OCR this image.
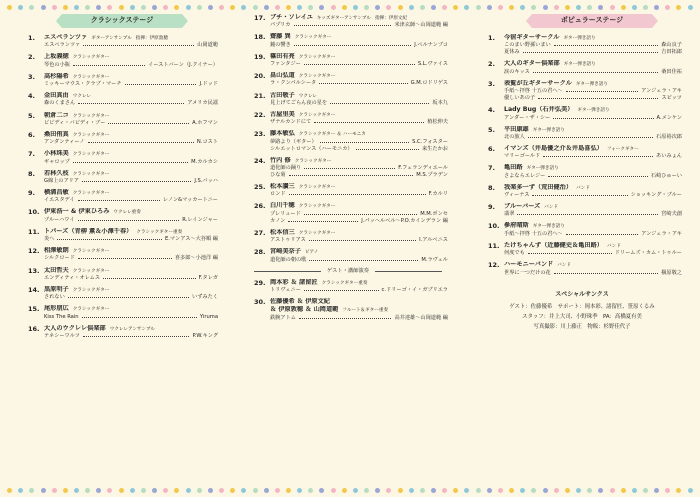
クラシックステージ
1.	エスペランツァ ギターアンサンブル 指揮：伊原敦穂
エスペランツァ	山岡道範
2.	上坂義徳 クラシックギター
琴色の小瓶	イーストバーン（J.クイナー）
3.	高杉陽希 クラシックギター
ミッキーマウス・クラブ・マーチ	J.ドッド
4.	金田真由 ウクレレ
森のくまさん	アメリカ民謡
5.	朝倉二コ クラシックギター
ビビディ・バビディ・ブー	A.ホフマン
6.	桑田侑真 クラシックギター
アンダンティーノ	N.コスト
7.	小林珠美 クラシックギター
ギャロップ	M.カルカシ
8.	若林久枝 クラシックギター
G線上のアリア	J.S.バッハ
9.	横溝昌敏 クラシックギター
イエスタデイ	レノン&マッカートニー
10. 伊東浩一 & 伊東ひろみ ウクレレ重奏
ブルーハワイ	R.レインジャー
11. トパーズ（青柳 薫＆小澤千春） クラシックギター重奏
炎へ	E.マンアス～大谷順 編
12. 相澤敏朗 クラシックギター
シルクロード	喜多郎～小池洋 編
13. 太田哲夫 クラシックギター
エンディティ・オレムス	F.タレガ
14. 黒原明子 クラシックギター
されない	いずみたく
15. 尾形朋広 クラシックギター
Kiss The Rain	Yiruma
16. 大人のウクレレ倶楽部 ウクレレアンサンブル
テネシーワルツ	P.W.キング
17. ブチ・ソレイユ キッズギターアンサンブル 指揮：伊原文紀
パプリカ	米津玄師～山岡道範 編
18. 齋藤 巽 クラシックギター
鐘の響き	J.ペルナンブコ
19. 篠田有亮 クラシックギター
ファンタジー	S.L.ヴァイス
20. 畠山弘道 クラシックギター
ラ・クンパルシータ	G.M.ロドリゲス
21. 古田敬子 ウクレレ
見上げてごらん夜の星を	坂本九
22. 古屋里美 クラシックギター
ザナルカンドにて	植松伸夫
23. 藤本敏弘 クラシックギター ＆ ハーモニカ
夢路より（ギター）	S.C.フォスター
シルエットロマンス（ハーモニカ）	来生たかお
24. 竹内 修 クラシックギター
道化師の踊り	F.フェランディエール
ひな菊	M.S.プラデン
25. 松本讃三 クラシックギター
ロンド	F.カルリ
26. 白川千穂 クラシックギター
プレリュード	M.M.ポンセ
カノン	J.パッヘルベル～P.O.カインデラン 編
27. 松本信三 クラシックギター
アストゥリアス	I.アルベニス
28. 宮崎美奈子 ピアノ
道化師の朝の歌	M.ラヴェル
ゲスト・講師演奏
29. 岡本彩 ＆ 諸留匠 クラシックギター重奏
トリヴェニー	c.ドリーゴ・イ・ガブリエラ
30. 佐藤優希 ＆ 伊原文紀
＆ 伊原敦穂 ＆ 山岡道範 フルート＆ギター重奏
鉄腕アトム	高井達雄～山岡道範 編
ポピュラーステージ
1.	今宿ギターサークル ギター弾き語り
このまい野孫いまい	森山良子
夏休み	吉田拓郎
2.	大人のギター倶楽部 ギター弾き語り
涙のキッス	桑田佳祐
3.	表覧が丘ギターサークル ギター弾き語り
手紙～拝啓 十五の君へ～	アンジェラ・アキ
優しいあの子	スピッツ
4.	Lady Bug（石井弘美） ギター弾き語り
アンダー・ザ・シー	A.メンケン
5.	平田康雄 ギター弾き語り
北の旅人	石原裕次郎
6.	イマンズ（井島優之介＆井島喜弘） フォークギター
マリーゴールド	あいみょん
7.	亀田路 ギター弾き語り
さよならエレジー	石崎ひゅーい
8.	我楽多一ず（荒田健治） バンド
ヴィーナス	ショッキング・ブルー
9.	ブルーバーズ バンド
翡翠	宮崎夫創
10. 參府晴斯 ギター弾き語り
手紙～拝啓 十五の君へ～	アンジェラ・アキ
11. たけちゃんず（近藤健史＆亀田路） バンド
何度でも	ドリームズ・カム・トゥルー
12. ハーモニーバンド バンド
世界に一つだけの花	槇原敬之
スペシャルサンクス
ゲスト：佐藤優希　サポート：岡本彩、諸留匠、笹原くるみ
スタッフ：井上大司、小野珠季　PA：高橋夏有美
写真撮影：川上藤正　物販：杉野佳代子
